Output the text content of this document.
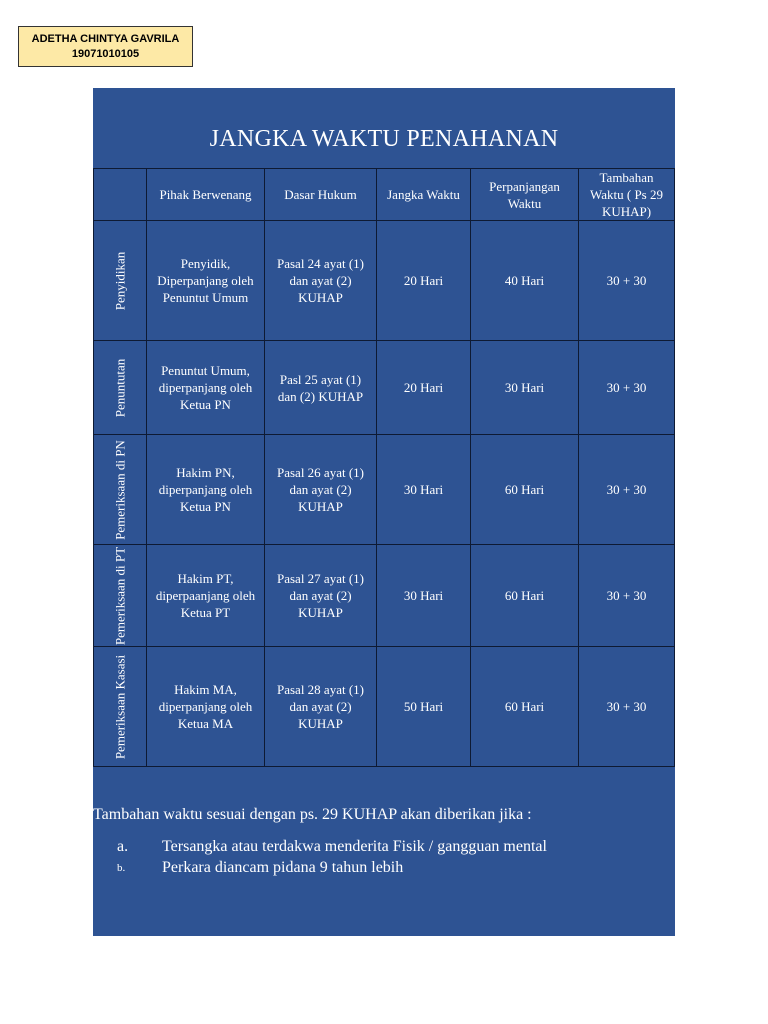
ADETHA CHINTYA GAVRILA
19071010105
JANGKA WAKTU PENAHANAN
	Pihak Berwenang	Dasar Hukum	Jangka Waktu	Perpanjangan Waktu	Tambahan Waktu ( Ps 29 KUHAP)

Penyidikan	Penyidik, Diperpanjang oleh Penuntut Umum	Pasal 24 ayat (1) dan ayat (2) KUHAP	20 Hari	40 Hari	30 + 30

Penuntutan	Penuntut Umum, diperpanjang oleh Ketua PN	Pasl 25 ayat (1) dan (2) KUHAP	20 Hari	30 Hari	30 + 30

Pemeriksaan di PN	Hakim PN, diperpanjang oleh Ketua PN	Pasal 26 ayat (1) dan ayat (2) KUHAP	30 Hari	60 Hari	30 + 30

Pemeriksaan di PT	Hakim PT, diperpaanjang oleh Ketua PT	Pasal 27 ayat (1) dan ayat (2) KUHAP	30 Hari	60 Hari	30 + 30

Pemeriksaan Kasasi	Hakim MA, diperpanjang oleh Ketua MA	Pasal 28 ayat (1) dan ayat (2) KUHAP	50 Hari	60 Hari	30 + 30
Tambahan waktu sesuai dengan ps. 29 KUHAP akan diberikan jika :
a. Tersangka atau terdakwa menderita Fisik / gangguan mental
b. Perkara diancam pidana 9 tahun lebih
